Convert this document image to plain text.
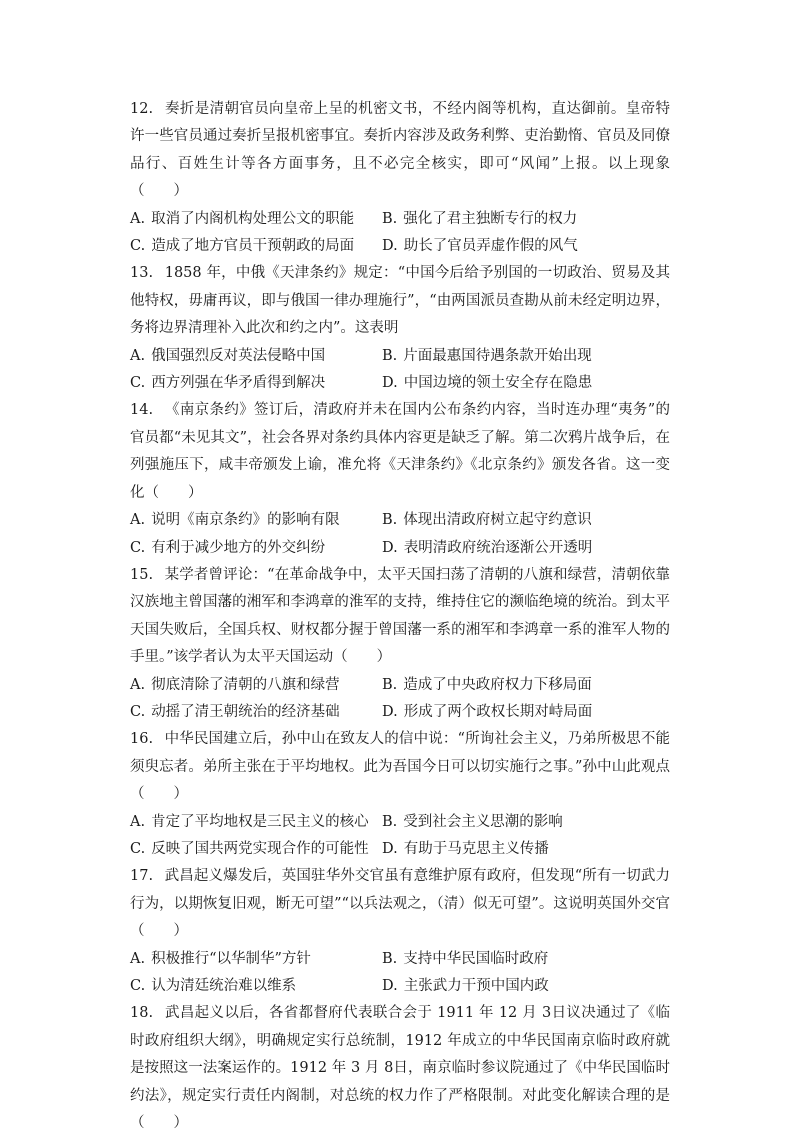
12. 奏折是清朝官员向皇帝上呈的机密文书，不经内阁等机构，直达御前。皇帝特许一些官员通过奏折呈报机密事宜。奏折内容涉及政务利弊、吏治勤惰、官员及同僚品行、百姓生计等各方面事务，且不必完全核实，即可“风闻”上报。以上现象（　　）

A. 取消了内阁机构处理公文的职能	B. 强化了君主独断专行的权力
C. 造成了地方官员干预朝政的局面	D. 助长了官员弄虚作假的风气

13. 1858 年，中俄《天津条约》规定：“中国今后给予别国的一切政治、贸易及其他特权，毋庸再议，即与俄国一律办理施行”，“由两国派员查勘从前未经定明边界，务将边界清理补入此次和约之内”。这表明

A. 俄国强烈反对英法侵略中国	B. 片面最惠国待遇条款开始出现
C. 西方列强在华矛盾得到解决	D. 中国边境的领土安全存在隐患

14. 《南京条约》签订后，清政府并未在国内公布条约内容，当时连办理“夷务”的官员都“未见其文”，社会各界对条约具体内容更是缺乏了解。第二次鸦片战争后，在列强施压下，咸丰帝颁发上谕，准允将《天津条约》《北京条约》颁发各省。这一变化（　　）

A. 说明《南京条约》的影响有限	B. 体现出清政府树立起守约意识
C. 有利于减少地方的外交纠纷	D. 表明清政府统治逐渐公开透明

15. 某学者曾评论：“在革命战争中，太平天国扫荡了清朝的八旗和绿营，清朝依靠汉族地主曾国藩的湘军和李鸿章的淮军的支持，维持住它的濒临绝境的统治。到太平天国失败后，全国兵权、财权都分握于曾国藩一系的湘军和李鸿章一系的淮军人物的手里。”该学者认为太平天国运动（　　）

A. 彻底清除了清朝的八旗和绿营	B. 造成了中央政府权力下移局面
C. 动摇了清王朝统治的经济基础	D. 形成了两个政权长期对峙局面

16. 中华民国建立后，孙中山在致友人的信中说：“所询社会主义，乃弟所极思不能须臾忘者。弟所主张在于平均地权。此为吾国今日可以切实施行之事。”孙中山此观点（　　）

A. 肯定了平均地权是三民主义的核心 B. 受到社会主义思潮的影响
C. 反映了国共两党实现合作的可能性 D. 有助于马克思主义传播

17. 武昌起义爆发后，英国驻华外交官虽有意维护原有政府，但发现“所有一切武力行为，以期恢复旧观，断无可望”“以兵法观之，（清）似无可望”。这说明英国外交官（　　）

A. 积极推行“以华制华”方针	B. 支持中华民国临时政府
C. 认为清廷统治难以维系	D. 主张武力干预中国内政

18. 武昌起义以后，各省都督府代表联合会于 1911 年 12 月 3日议决通过了《临时政府组织大纲》，明确规定实行总统制，1912 年成立的中华民国南京临时政府就是按照这一法案运作的。1912 年 3 月 8日，南京临时参议院通过了《中华民国临时约法》，规定实行责任内阁制，对总统的权力作了严格限制。对此变化解读合理的是（　　）
